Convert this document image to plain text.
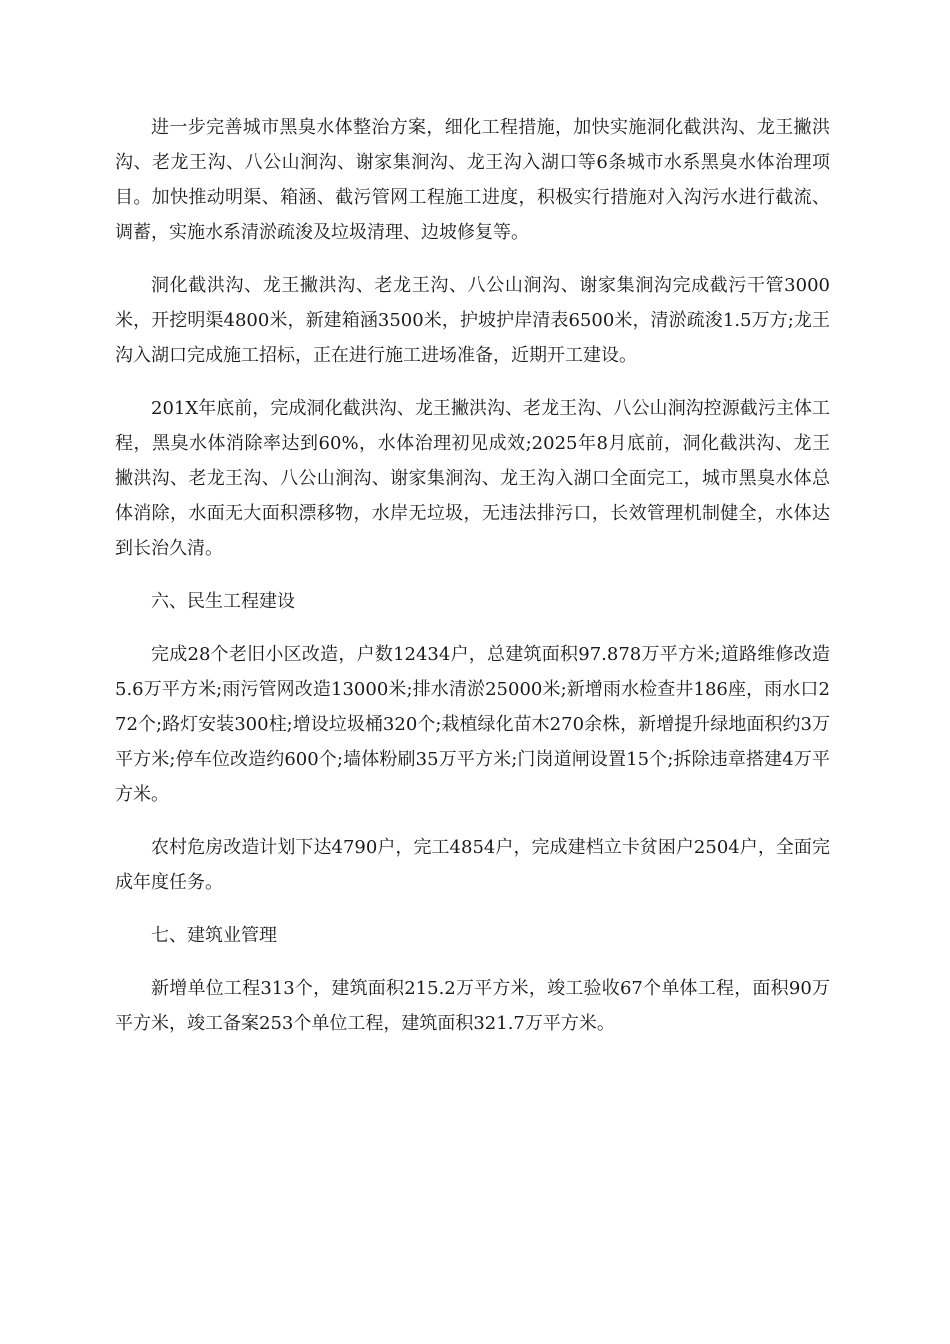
进一步完善城市黑臭水体整治方案，细化工程措施，加快实施洞化截洪沟、龙王撇洪沟、老龙王沟、八公山涧沟、谢家集涧沟、龙王沟入湖口等6条城市水系黑臭水体治理项目。加快推动明渠、箱涵、截污管网工程施工进度，积极实行措施对入沟污水进行截流、调蓄，实施水系清淤疏浚及垃圾清理、边坡修复等。

洞化截洪沟、龙王撇洪沟、老龙王沟、八公山涧沟、谢家集涧沟完成截污干管3000米，开挖明渠4800米，新建箱涵3500米，护坡护岸清表6500米，清淤疏浚1.5万方;龙王沟入湖口完成施工招标，正在进行施工进场准备，近期开工建设。

201X年底前，完成洞化截洪沟、龙王撇洪沟、老龙王沟、八公山涧沟控源截污主体工程，黑臭水体消除率达到60%，水体治理初见成效;2025年8月底前，洞化截洪沟、龙王撇洪沟、老龙王沟、八公山涧沟、谢家集涧沟、龙王沟入湖口全面完工，城市黑臭水体总体消除，水面无大面积漂移物，水岸无垃圾，无违法排污口，长效管理机制健全，水体达到长治久清。

六、民生工程建设

完成28个老旧小区改造，户数12434户，总建筑面积97.878万平方米;道路维修改造5.6万平方米;雨污管网改造13000米;排水清淤25000米;新增雨水检查井186座，雨水口272个;路灯安装300柱;增设垃圾桶320个;栽植绿化苗木270余株，新增提升绿地面积约3万平方米;停车位改造约600个;墙体粉刷35万平方米;门岗道闸设置15个;拆除违章搭建4万平方米。

农村危房改造计划下达4790户，完工4854户，完成建档立卡贫困户2504户，全面完成年度任务。

七、建筑业管理

新增单位工程313个，建筑面积215.2万平方米，竣工验收67个单体工程，面积90万平方米，竣工备案253个单位工程，建筑面积321.7万平方米。
